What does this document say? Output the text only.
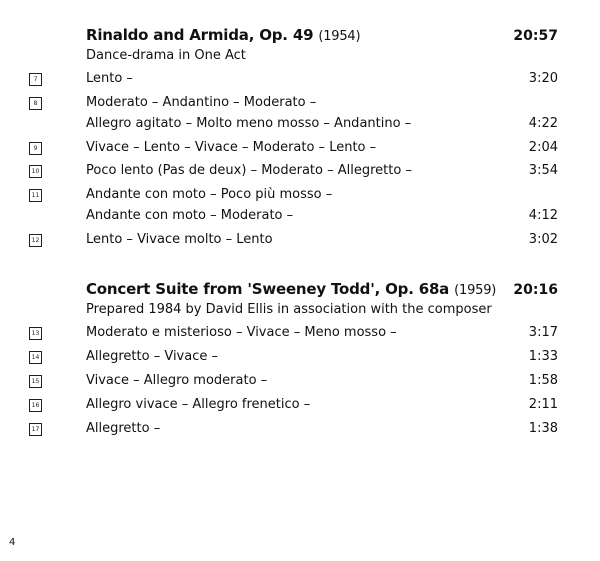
Rinaldo and Armida, Op. 49 (1954)	20:57
Dance-drama in One Act
7	Lento –	3:20
8	Moderato – Andantino – Moderato –
Allegro agitato – Molto meno mosso – Andantino –	4:22
9	Vivace – Lento – Vivace – Moderato – Lento –	2:04
10	Poco lento (Pas de deux) – Moderato – Allegretto –	3:54
11	Andante con moto – Poco più mosso –
Andante con moto – Moderato –	4:12
12	Lento – Vivace molto – Lento	3:02
Concert Suite from 'Sweeney Todd', Op. 68a (1959) 20:16
Prepared 1984 by David Ellis in association with the composer
13	Moderato e misterioso – Vivace – Meno mosso –	3:17
14	Allegretto – Vivace –	1:33
15	Vivace – Allegro moderato –	1:58
16	Allegro vivace – Allegro frenetico –	2:11
17	Allegretto –	1:38
4
